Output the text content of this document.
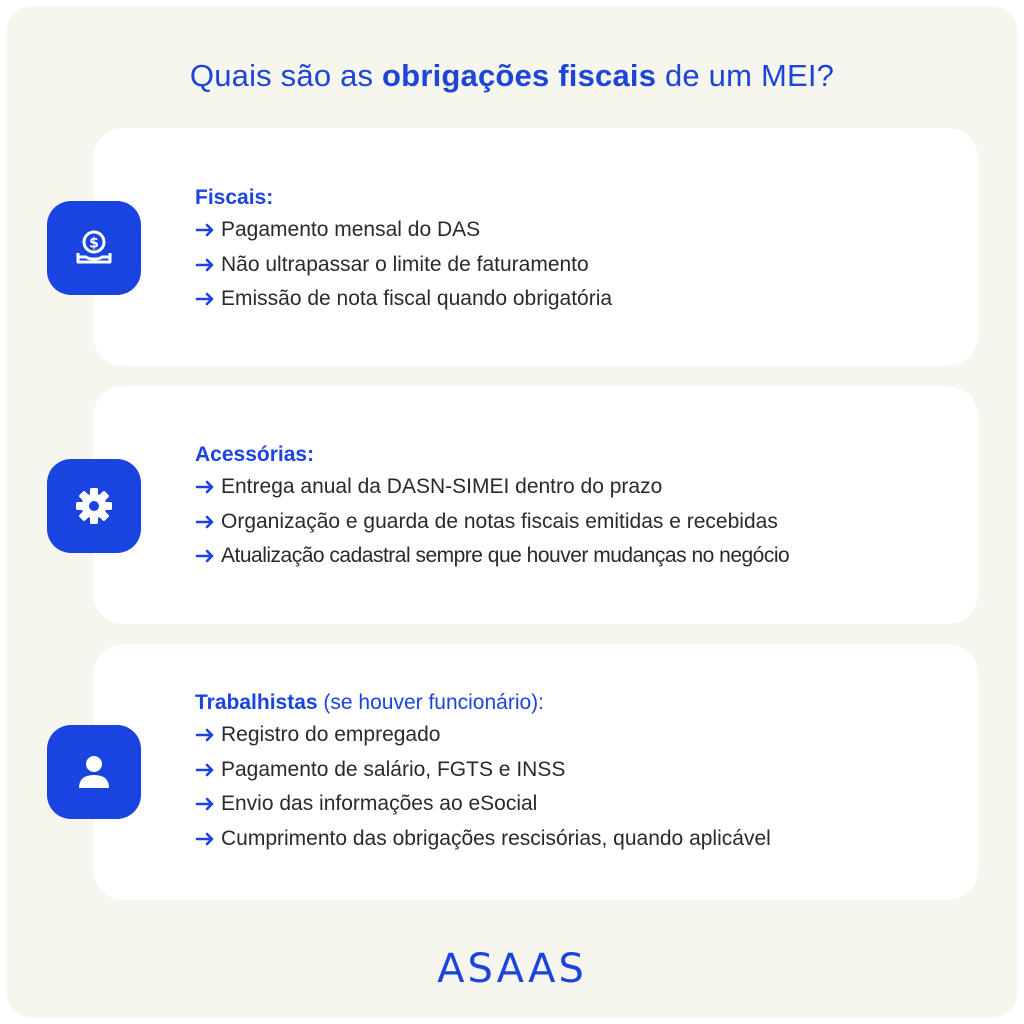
Quais são as obrigações fiscais de um MEI?
$
Fiscais:
Pagamento mensal do DAS
Não ultrapassar o limite de faturamento
Emissão de nota fiscal quando obrigatória
Acessórias:
Entrega anual da DASN-SIMEI dentro do prazo
Organização e guarda de notas fiscais emitidas e recebidas
Atualização cadastral sempre que houver mudanças no negócio
Trabalhistas (se houver funcionário):
Registro do empregado
Pagamento de salário, FGTS e INSS
Envio das informações ao eSocial
Cumprimento das obrigações rescisórias, quando aplicável
ASAAS
